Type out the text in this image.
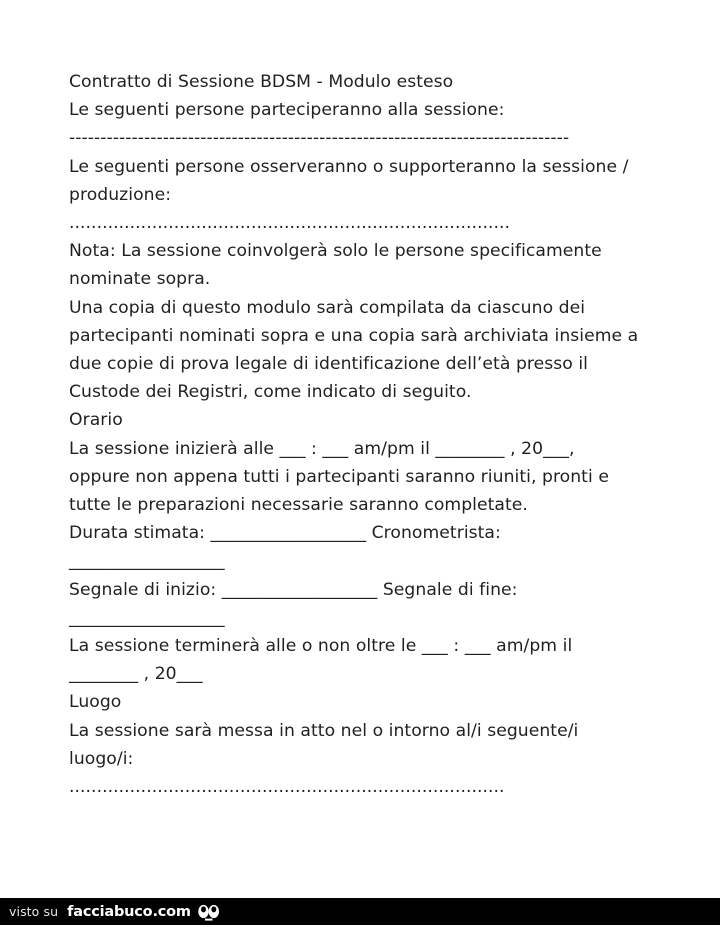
Contratto di Sessione BDSM - Modulo esteso

Le seguenti persone parteciperanno alla sessione:

--------------------------------------------------------------------------------

Le seguenti persone osserveranno o supporteranno la sessione / produzione:

................................................................................

Nota: La sessione coinvolgerà solo le persone specificamente nominate sopra.

Una copia di questo modulo sarà compilata da ciascuno dei partecipanti nominati sopra e una copia sarà archiviata insieme a due copie di prova legale di identificazione dell’età presso il Custode dei Registri, come indicato di seguito.

Orario

La sessione inizierà alle ___ : ___ am/pm il ________ , 20___,

oppure non appena tutti i partecipanti saranno riuniti, pronti e tutte le preparazioni necessarie saranno completate.

Durata stimata: __________________ Cronometrista: __________________

Segnale di inizio: __________________ Segnale di fine: __________________

La sessione terminerà alle o non oltre le ___ : ___ am/pm il ________ , 20___

Luogo

La sessione sarà messa in atto nel o intorno al/i seguente/i luogo/i:

...............................................................................

visto su facciabuco.com
